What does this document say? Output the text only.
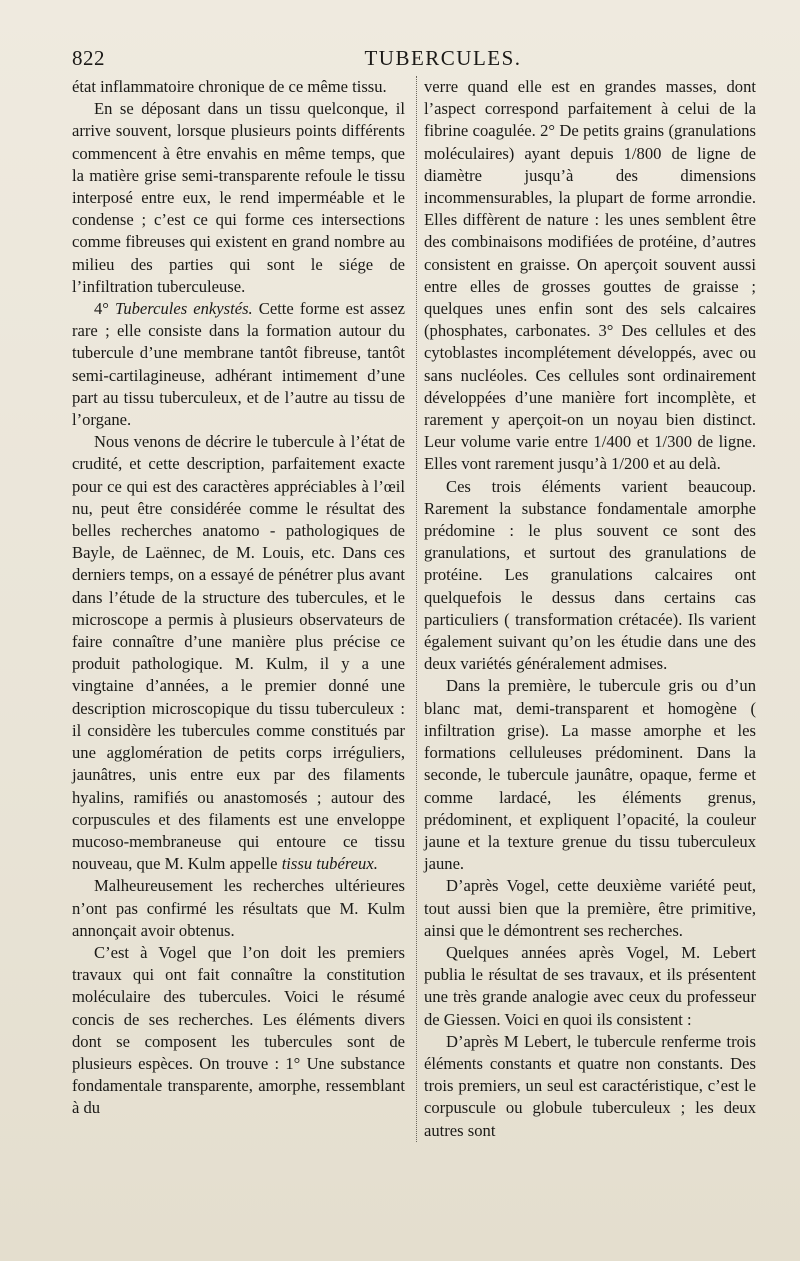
822	TUBERCULES.

état inflammatoire chronique de ce même tissu.

En se déposant dans un tissu quelconque, il arrive souvent, lorsque plusieurs points différents commencent à être envahis en même temps, que la matière grise semi-transparente refoule le tissu interposé entre eux, le rend imperméable et le condense ; c’est ce qui forme ces intersections comme fibreuses qui existent en grand nombre au milieu des parties qui sont le siége de l’infiltration tuberculeuse.

4° Tubercules enkystés. Cette forme est assez rare ; elle consiste dans la formation autour du tubercule d’une membrane tantôt fibreuse, tantôt semi-cartilagineuse, adhérant intimement d’une part au tissu tuberculeux, et de l’autre au tissu de l’organe.

Nous venons de décrire le tubercule à l’état de crudité, et cette description, parfaitement exacte pour ce qui est des caractères appréciables à l’œil nu, peut être considérée comme le résultat des belles recherches anatomo - pathologiques de Bayle, de Laënnec, de M. Louis, etc. Dans ces derniers temps, on a essayé de pénétrer plus avant dans l’étude de la structure des tubercules, et le microscope a permis à plusieurs observateurs de faire connaître d’une manière plus précise ce produit pathologique. M. Kulm, il y a une vingtaine d’années, a le premier donné une description microscopique du tissu tuberculeux : il considère les tubercules comme constitués par une agglomération de petits corps irréguliers, jaunâtres, unis entre eux par des filaments hyalins, ramifiés ou anastomosés ; autour des corpuscules et des filaments est une enveloppe mucoso-membraneuse qui entoure ce tissu nouveau, que M. Kulm appelle tissu tubéreux.

Malheureusement les recherches ultérieures n’ont pas confirmé les résultats que M. Kulm annonçait avoir obtenus.

C’est à Vogel que l’on doit les premiers travaux qui ont fait connaître la constitution moléculaire des tubercules. Voici le résumé concis de ses recherches. Les éléments divers dont se composent les tubercules sont de plusieurs espèces. On trouve : 1° Une substance fondamentale transparente, amorphe, ressemblant à du

verre quand elle est en grandes masses, dont l’aspect correspond parfaitement à celui de la fibrine coagulée. 2° De petits grains (granulations moléculaires) ayant depuis 1/800 de ligne de diamètre jusqu’à des dimensions incommensurables, la plupart de forme arrondie. Elles diffèrent de nature : les unes semblent être des combinaisons modifiées de protéine, d’autres consistent en graisse. On aperçoit souvent aussi entre elles de grosses gouttes de graisse ; quelques unes enfin sont des sels calcaires (phosphates, carbonates. 3° Des cellules et des cytoblastes incomplétement développés, avec ou sans nucléoles. Ces cellules sont ordinairement développées d’une manière fort incomplète, et rarement y aperçoit-on un noyau bien distinct. Leur volume varie entre 1/400 et 1/300 de ligne. Elles vont rarement jusqu’à 1/200 et au delà.

Ces trois éléments varient beaucoup. Rarement la substance fondamentale amorphe prédomine : le plus souvent ce sont des granulations, et surtout des granulations de protéine. Les granulations calcaires ont quelquefois le dessus dans certains cas particuliers ( transformation crétacée). Ils varient également suivant qu’on les étudie dans une des deux variétés généralement admises.

Dans la première, le tubercule gris ou d’un blanc mat, demi-transparent et homogène ( infiltration grise). La masse amorphe et les formations celluleuses prédominent. Dans la seconde, le tubercule jaunâtre, opaque, ferme et comme lardacé, les éléments grenus, prédominent, et expliquent l’opacité, la couleur jaune et la texture grenue du tissu tuberculeux jaune.

D’après Vogel, cette deuxième variété peut, tout aussi bien que la première, être primitive, ainsi que le démontrent ses recherches.

Quelques années après Vogel, M. Lebert publia le résultat de ses travaux, et ils présentent une très grande analogie avec ceux du professeur de Giessen. Voici en quoi ils consistent :

D’après M Lebert, le tubercule renferme trois éléments constants et quatre non constants. Des trois premiers, un seul est caractéristique, c’est le corpuscule ou globule tuberculeux ; les deux autres sont
